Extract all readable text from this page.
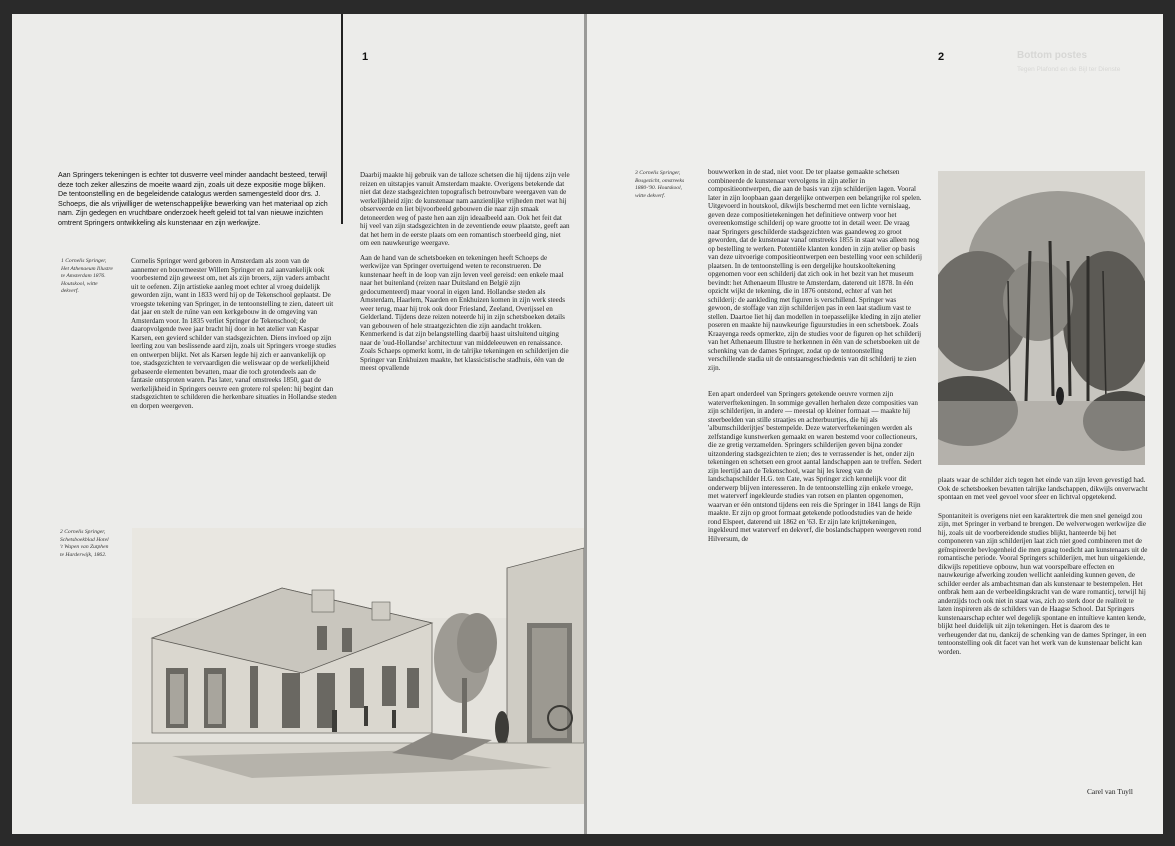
1
Aan Springers tekeningen is echter tot dusverre veel minder aandacht besteed, terwijl deze toch zeker alleszins de moeite waard zijn, zoals uit deze expositie moge blijken. De tentoonstelling en de begeleidende catalogus werden samengesteld door drs. J. Schoeps, die als vrijwilliger de wetenschappelijke bewerking van het materiaal op zich nam. Zijn gedegen en vruchtbare onderzoek heeft geleid tot tal van nieuwe inzichten omtrent Springers ontwikkeling als kunstenaar en zijn werkwijze.
1 Cornelis Springer,
Het Athenaeum Illustre
te Amsterdam 1876.
Houtskool, witte
dekverf.

Cornelis Springer werd geboren in Amsterdam als zoon van de aannemer en bouwmeester Willem Springer en zal aanvankelijk ook voorbestemd zijn geweest om, net als zijn broers, zijn vaders ambacht uit te oefenen. Zijn artistieke aanleg moet echter al vroeg duidelijk geworden zijn, want in 1833 werd hij op de Tekenschool geplaatst. De vroegste tekening van Springer, in de tentoonstelling te zien, dateert uit dat jaar en stelt de ruïne van een kerkgebouw in de omgeving van Amsterdam voor. In 1835 verliet Springer de Tekenschool; de daaropvolgende twee jaar bracht hij door in het atelier van Kaspar Karsen, een gevierd schilder van stadsgezichten. Diens invloed op zijn leerling zou van beslissende aard zijn, zoals uit Springers vroege studies en ontwerpen blijkt. Net als Karsen legde hij zich er aanvankelijk op toe, stadsgezichten te vervaardigen die weliswaar op de werkelijkheid gebaseerde elementen bevatten, maar die toch grotendeels aan de fantasie ontsproten waren. Pas later, vanaf omstreeks 1850, gaat de werkelijkheid in Springers oeuvre een grotere rol spelen: hij begint dan stadsgezichten te schilderen die herkenbare situaties in Hollandse steden en dorpen weergeven.

Daarbij maakte hij gebruik van de talloze schetsen die hij tijdens zijn vele reizen en uitstapjes vanuit Amsterdam maakte. Overigens betekende dat niet dat deze stadsgezichten topografisch betrouwbare weergaven van de werkelijkheid zijn: de kunstenaar nam aanzienlijke vrijheden met wat hij observeerde en liet bijvoorbeeld gebouwen die naar zijn smaak detoneerden weg of paste hen aan zijn ideaalbeeld aan. Ook het feit dat hij veel van zijn stadsgezichten in de zeventiende eeuw plaatste, geeft aan dat het hem in de eerste plaats om een romantisch stoerbeeld ging, niet om een nauwkeurige weergave.

Aan de hand van de schetsboeken en tekeningen heeft Schoeps de werkwijze van Springer overtuigend weten te reconstrueren. De kunstenaar heeft in de loop van zijn leven veel gereisd: een enkele maal naar het buitenland (reizen naar Duitsland en België zijn gedocumenteerd) maar vooral in eigen land. Hollandse steden als Amsterdam, Haarlem, Naarden en Enkhuizen komen in zijn werk steeds weer terug, maar hij trok ook door Friesland, Zeeland, Overijssel en Gelderland. Tijdens deze reizen noteerde hij in zijn schetsboeken details van gebouwen of hele straatgezichten die zijn aandacht trokken. Kenmerkend is dat zijn belangstelling daarbij haast uitsluitend uitging naar de 'oud-Hollandse' architectuur van middeleeuwen en renaissance. Zoals Schaeps opmerkt komt, in de talrijke tekeningen en schilderijen die Springer van Enkhuizen maakte, het klassicistische stadhuis, één van de meest opvallende

2 Cornelis Springer,
Schetsboekblad Hotel
't Wapen van Zutphen
te Harderwijk, 1862.
2	Bottom postes
Tegen Plafond en de Bijl ter Dienste
3 Cornelis Springer,
Bosgezicht, omstreeks
1880-'90. Houtskool,
witte dekverf.

bouwwerken in de stad, niet voor. De ter plaatse gemaakte schetsen combineerde de kunstenaar vervolgens in zijn atelier in compositieontwerpen, die aan de basis van zijn schilderijen lagen. Vooral later in zijn loopbaan gaan dergelijke ontwerpen een belangrijke rol spelen. Uitgevoerd in houtskool, dikwijls beschermd met een lichte vernislaag, geven deze compositietekeningen het definitieve ontwerp voor het overeenkomstige schilderij op ware grootte tot in detail weer. De vraag naar Springers geschilderde stadsgezichten was gaandeweg zo groot geworden, dat de kunstenaar vanaf omstreeks 1855 in staat was alleen nog op bestelling te werken. Potentiële klanten konden in zijn atelier op basis van deze uitvoerige compositieontwerpen een bestelling voor een schilderij plaatsen. In de tentoonstelling is een dergelijke houtskooltekening opgenomen voor een schilderij dat zich ook in het bezit van het museum bevindt: het Athenaeum Illustre te Amsterdam, daterend uit 1878. In één opzicht wijkt de tekening, die in 1876 ontstond, echter af van het schilderij: de aankleding met figuren is verschillend. Springer was gewoon, de stoffage van zijn schilderijen pas in een laat stadium vast te stellen. Daartoe liet hij dan modellen in toepasselijke kleding in zijn atelier poseren en maakte hij nauwkeurige figuurstudies in een schetsboek. Zoals Kraayenga reeds opmerkte, zijn de studies voor de figuren op het schilderij van het Athenaeum Illustre te herkennen in één van de schetsboeken uit de schenking van de dames Springer, zodat op de tentoonstelling verschillende stadia uit de ontstaansgeschiedenis van dit schilderij te zien zijn.

Een apart onderdeel van Springers getekende oeuvre vormen zijn waterverftekeningen. In sommige gevallen herhalen deze composities van zijn schilderijen, in andere — meestal op kleiner formaat — maakte hij steerbeelden van stille straatjes en achterbuurtjes, die hij als 'albumschilderijtjes' bestempelde. Deze waterverftekeningen werden als zelfstandige kunstwerken gemaakt en waren bestemd voor collectioneurs, die ze gretig verzamelden. Springers schilderijen geven bijna zonder uitzondering stadsgezichten te zien; des te verrassender is het, onder zijn tekeningen en schetsen een groot aantal landschappen aan te treffen. Sedert zijn leertijd aan de Tekenschool, waar hij les kreeg van de landschapschilder H.G. ten Cate, was Springer zich kennelijk voor dit onderwerp blijven interesseren. In de tentoonstelling zijn enkele vroege, met waterverf ingekleurde studies van rotsen en planten opgenomen, waarvan er één ontstond tijdens een reis die Springer in 1841 langs de Rijn maakte. Er zijn op groot formaat getekende potloodstudies van de heide rond Elspeet, daterend uit 1862 en '63. Er zijn late krijttekeningen, ingekleurd met waterverf en dekverf, die boslandschappen weergeven rond Hilversum, de

plaats waar de schilder zich tegen het einde van zijn leven gevestigd had. Ook de schetsboeken bevatten talrijke landschappen, dikwijls onverwacht spontaan en met veel gevoel voor sfeer en lichtval opgetekend.

Spontaniteit is overigens niet een karaktertrek die men snel geneigd zou zijn, met Springer in verband te brengen. De welverwogen werkwijze die hij, zoals uit de voorbereidende studies blijkt, hanteerde bij het componeren van zijn schilderijen laat zich niet goed combineren met de geïnspireerde bevlogenheid die men graag toedicht aan kunstenaars uit de romantische periode. Vooral Springers schilderijen, met hun uitgekiende, dikwijls repetitieve opbouw, hun wat voorspelbare effecten en nauwkeurige afwerking zouden wellicht aanleiding kunnen geven, de schilder eerder als ambachtsman dan als kunstenaar te bestempelen. Het ontbrak hem aan de verbeeldingskracht van de ware romanticj, terwijl hij anderzijds toch ook niet in staat was, zich zo sterk door de realiteit te laten inspireren als de schilders van de Haagse School. Dat Springers kunstenaarschap echter wel degelijk spontane en intuïtieve kanten kende, blijkt heel duidelijk uit zijn tekeningen. Het is daarom des te verheugender dat nu, dankzij de schenking van de dames Springer, in een tentoonstelling ook dit facet van het werk van de kunstenaar belicht kan worden.

Carel van Tuyll
